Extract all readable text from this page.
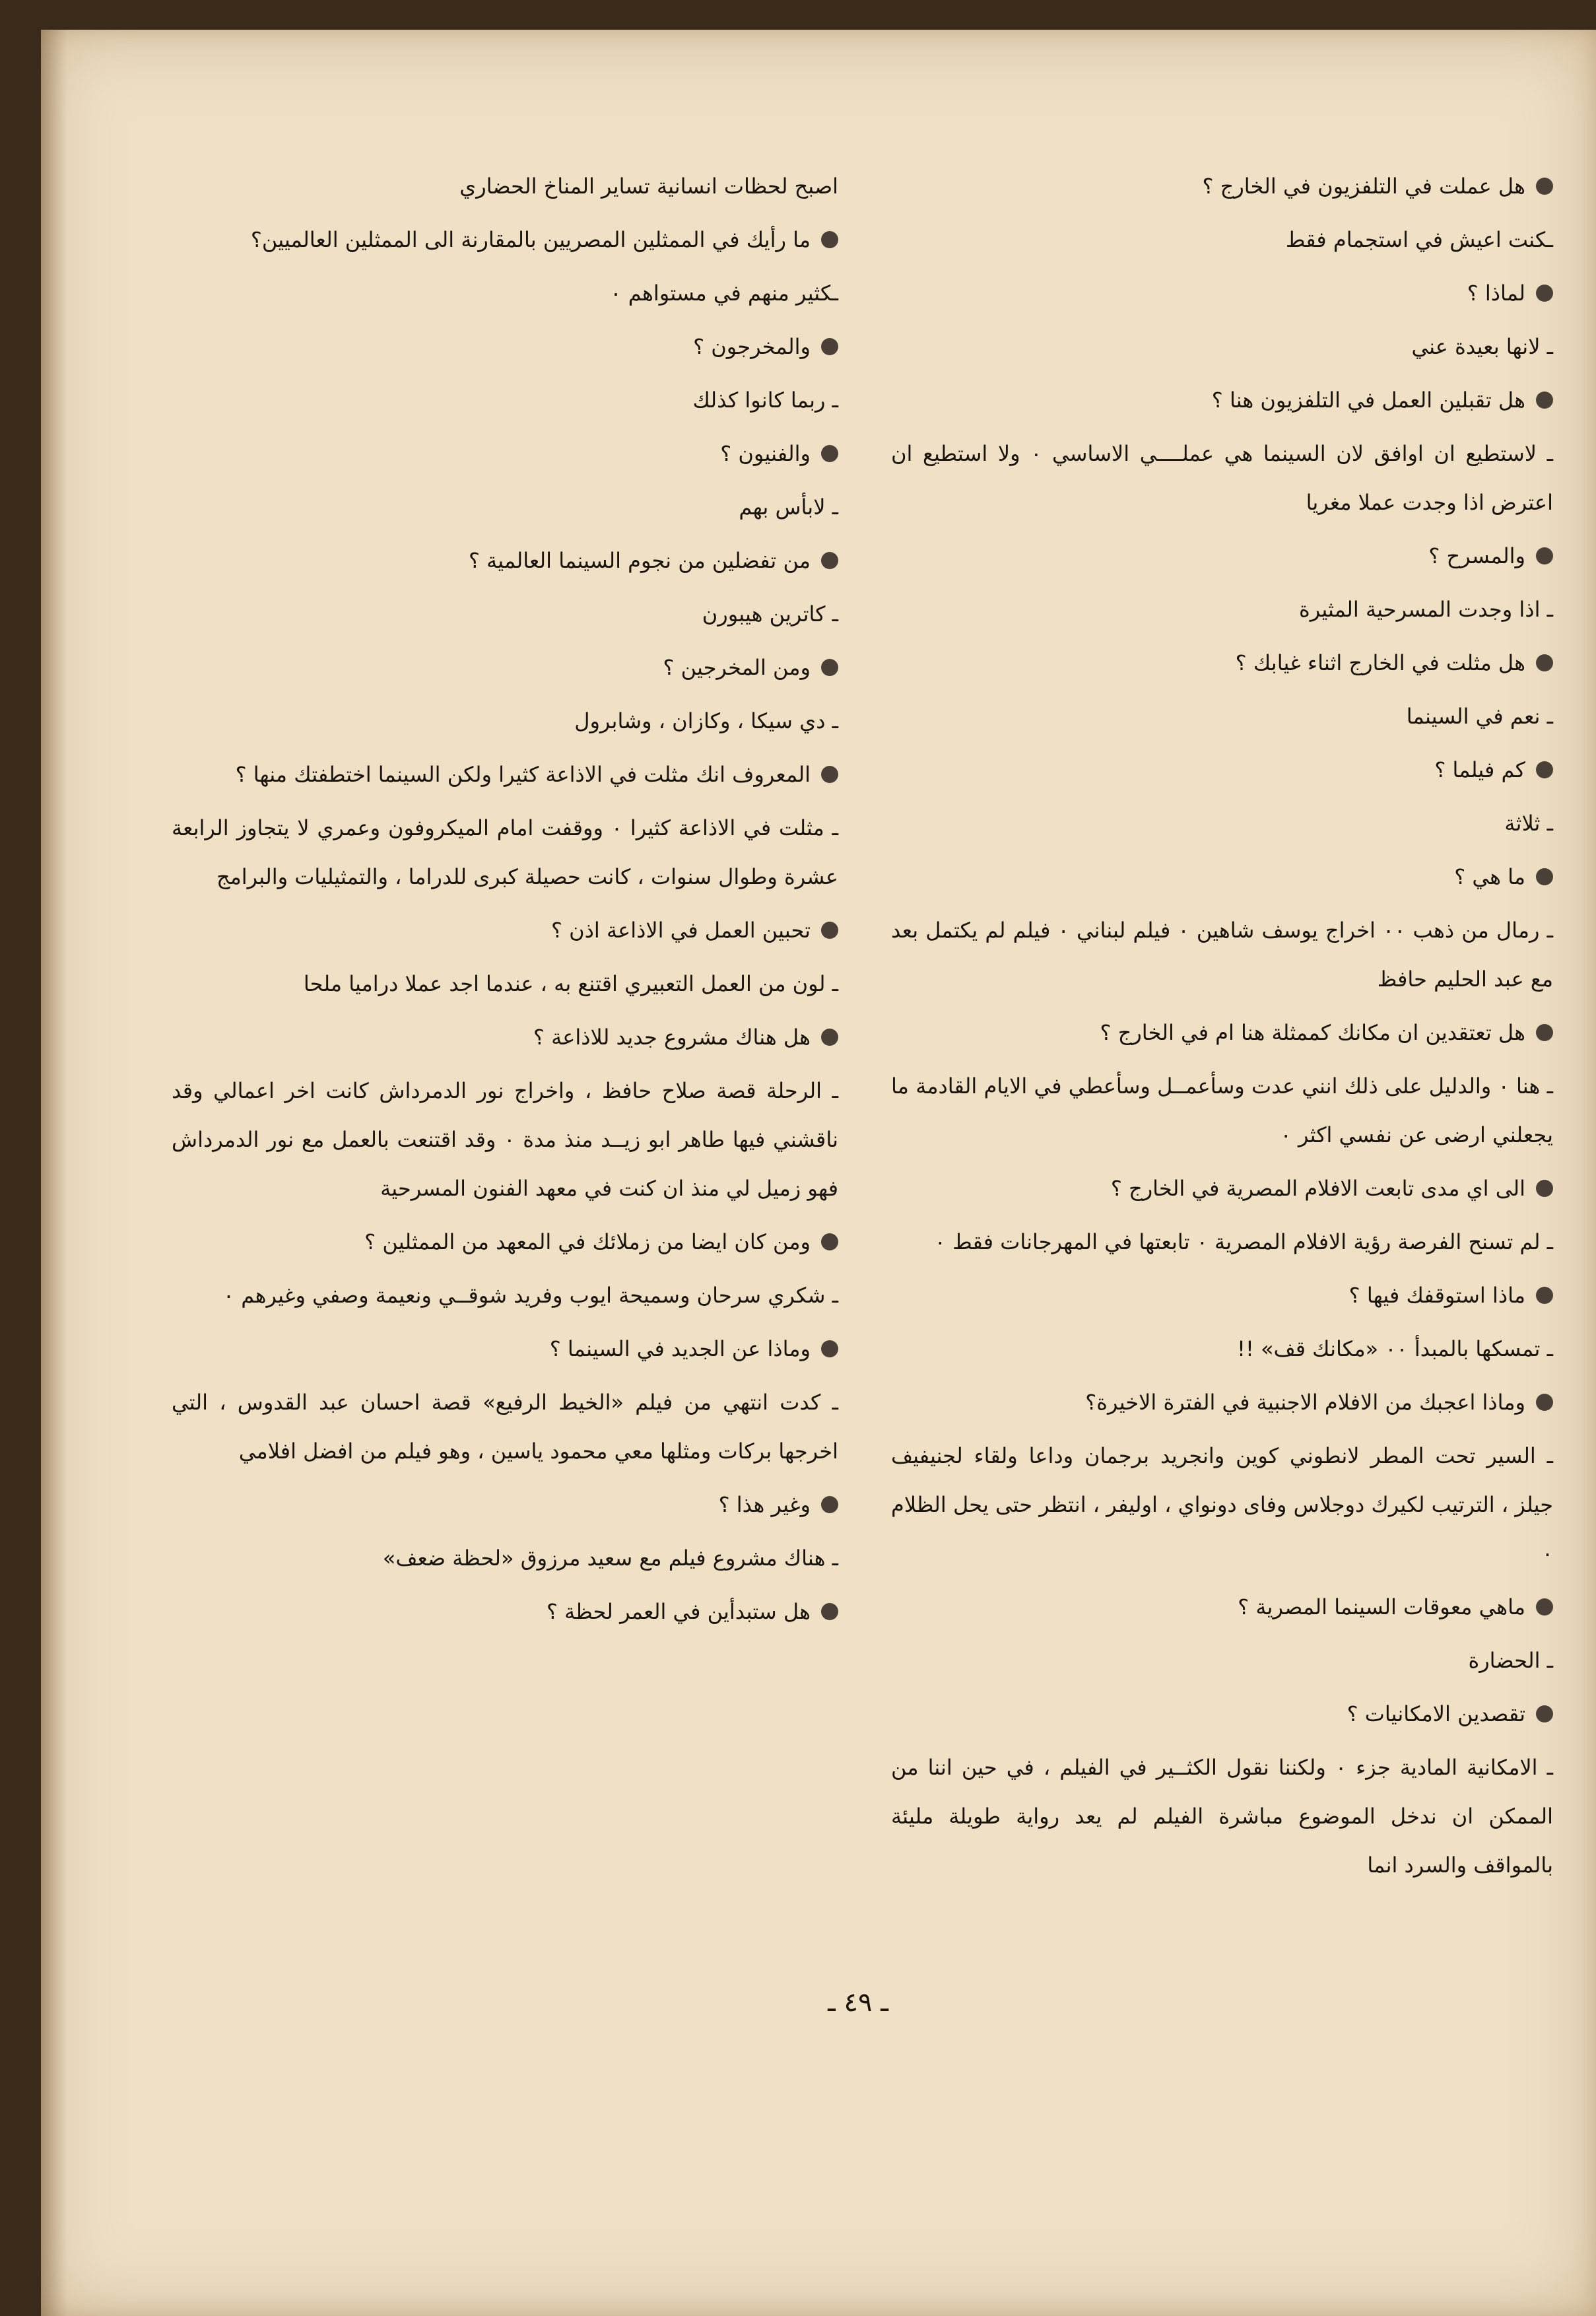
هل عملت في التلفزيون في الخارج ؟
ـكنت اعيش في استجمام فقط
لماذا ؟
ـ لانها بعيدة عني
هل تقبلين العمل في التلفزيون هنا ؟
ـ لاستطيع ان اوافق لان السينما هي عملــــي الاساسي ٠ ولا استطيع ان اعترض اذا وجدت عملا مغريا
والمسرح ؟
ـ اذا وجدت المسرحية المثيرة
هل مثلت في الخارج اثناء غيابك ؟
ـ نعم في السينما
كم فيلما ؟
ـ ثلاثة
ما هي ؟
ـ رمال من ذهب ٠٠ اخراج يوسف شاهين ٠ فيلم لبناني ٠ فيلم لم يكتمل بعد مع عبد الحليم حافظ
هل تعتقدين ان مكانك كممثلة هنا ام في الخارج ؟
ـ هنا ٠ والدليل على ذلك انني عدت وسأعمــل وسأعطي في الايام القادمة ما يجعلني ارضى عن نفسي اكثر ٠
الى اي مدى تابعت الافلام المصرية في الخارج ؟
ـ لم تسنح الفرصة رؤية الافلام المصرية ٠ تابعتها في المهرجانات فقط ٠
ماذا استوقفك فيها ؟
ـ تمسكها بالمبدأ ٠٠ «مكانك قف» !!
وماذا اعجبك من الافلام الاجنبية في الفترة الاخيرة؟
ـ السير تحت المطر لانطوني كوين وانجريد برجمان وداعا ولقاء لجنيفيف جيلز ، الترتيب لكيرك دوجلاس وفاى دونواي ، اوليفر ، انتظر حتى يحل الظلام ٠
ماهي معوقات السينما المصرية ؟
ـ الحضارة
تقصدين الامكانيات ؟
ـ الامكانية المادية جزء ٠ ولكننا نقول الكثــير في الفيلم ، في حين اننا من الممكن ان ندخل الموضوع مباشرة الفيلم لم يعد رواية طويلة مليئة بالمواقف والسرد انما
اصبح لحظات انسانية تساير المناخ الحضاري
ما رأيك في الممثلين المصريين بالمقارنة الى الممثلين العالميين؟
ـكثير منهم في مستواهم ٠
والمخرجون ؟
ـ ربما كانوا كذلك
والفنيون ؟
ـ لابأس بهم
من تفضلين من نجوم السينما العالمية ؟
ـ كاترين هيبورن
ومن المخرجين ؟
ـ دي سيكا ، وكازان ، وشابرول
المعروف انك مثلت في الاذاعة كثيرا ولكن السينما اختطفتك منها ؟
ـ مثلت في الاذاعة كثيرا ٠ ووقفت امام الميكروفون وعمري لا يتجاوز الرابعة عشرة وطوال سنوات ، كانت حصيلة كبرى للدراما ، والتمثيليات والبرامج
تحبين العمل في الاذاعة اذن ؟
ـ لون من العمل التعبيري اقتنع به ، عندما اجد عملا دراميا ملحا
هل هناك مشروع جديد للاذاعة ؟
ـ الرحلة قصة صلاح حافظ ، واخراج نور الدمرداش كانت اخر اعمالي وقد ناقشني فيها طاهر ابو زيــد منذ مدة ٠ وقد اقتنعت بالعمل مع نور الدمرداش فهو زميل لي منذ ان كنت في معهد الفنون المسرحية
ومن كان ايضا من زملائك في المعهد من الممثلين ؟
ـ شكري سرحان وسميحة ايوب وفريد شوقــي ونعيمة وصفي وغيرهم ٠
وماذا عن الجديد في السينما ؟
ـ كدت انتهي من فيلم «الخيط الرفيع» قصة احسان عبد القدوس ، التي اخرجها بركات ومثلها معي محمود ياسين ، وهو فيلم من افضل افلامي
وغير هذا ؟
ـ هناك مشروع فيلم مع سعيد مرزوق «لحظة ضعف»
هل ستبدأين في العمر لحظة ؟
ـ ٤٩ ـ
